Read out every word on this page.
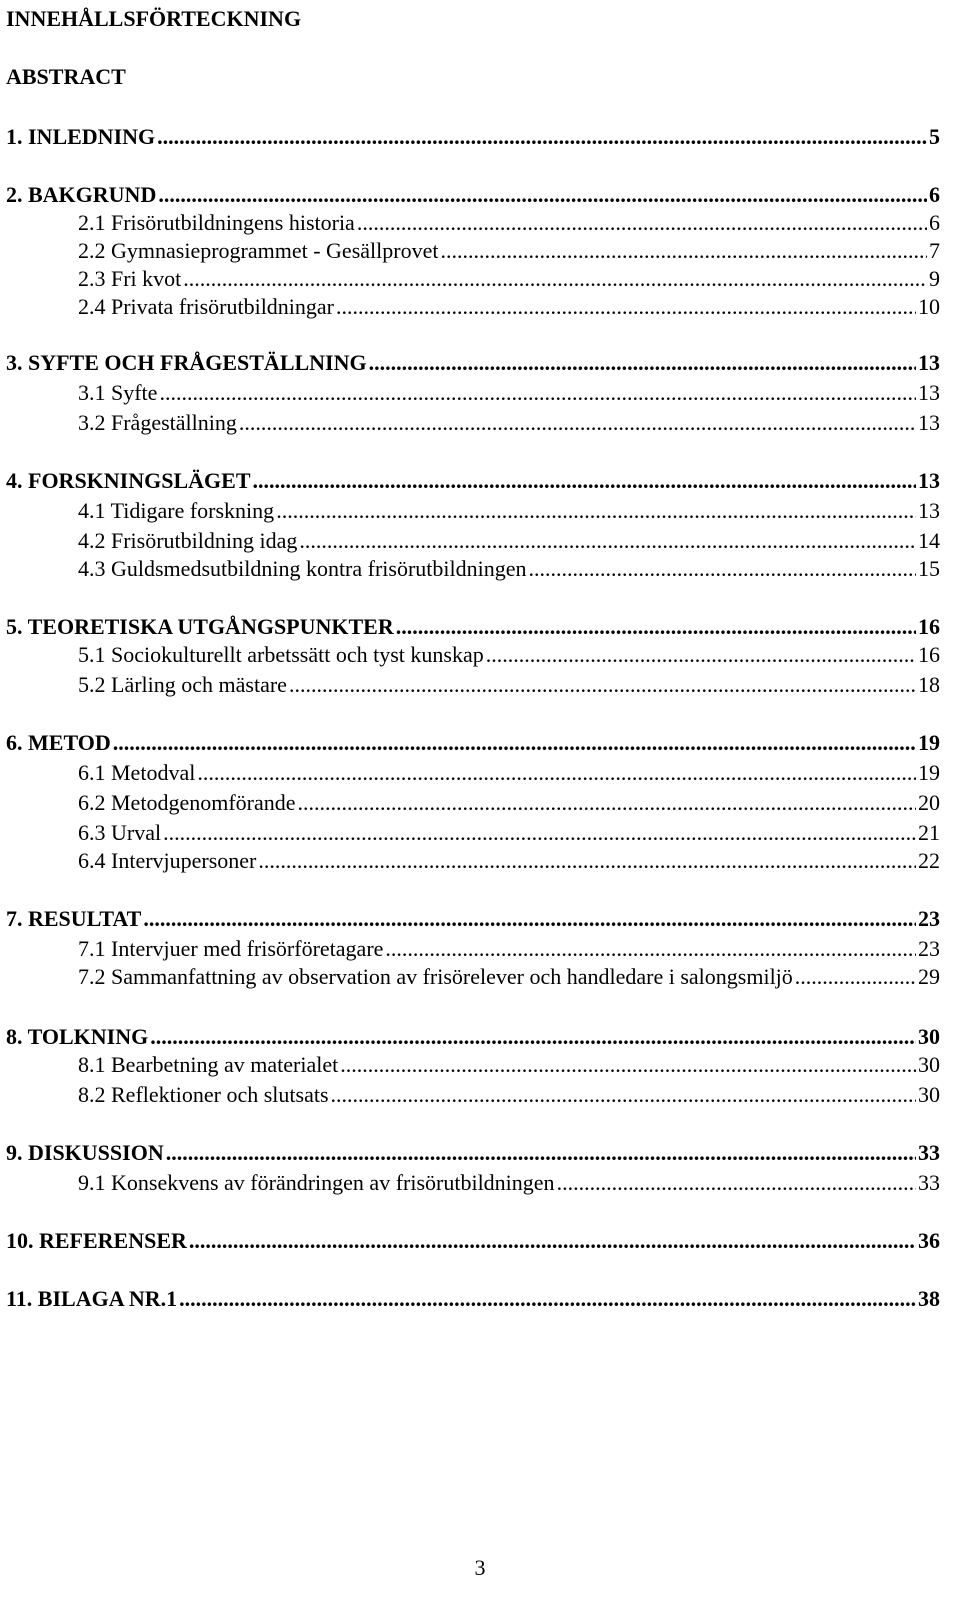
INNEHÅLLSFÖRTECKNING
ABSTRACT
1. INLEDNING .....	5
2. BAKGRUND .....	6
2.1 Frisörutbildningens historia .....	6
2.2 Gymnasieprogrammet - Gesällprovet .....	7
2.3 Fri kvot .....	9
2.4 Privata frisörutbildningar .....	10
3. SYFTE OCH FRÅGESTÄLLNING .....	13
3.1 Syfte .....	13
3.2 Frågeställning .....	13
4. FORSKNINGSLÄGET .....	13
4.1 Tidigare forskning .....	13
4.2 Frisörutbildning idag .....	14
4.3 Guldsmedsutbildning kontra frisörutbildningen .....	15
5. TEORETISKA UTGÅNGSPUNKTER .....	16
5.1 Sociokulturellt arbetssätt och tyst kunskap .....	16
5.2 Lärling och mästare .....	18
6. METOD .....	19
6.1 Metodval .....	19
6.2 Metodgenomförande .....	20
6.3 Urval .....	21
6.4 Intervjupersoner .....	22
7. RESULTAT .....	23
7.1 Intervjuer med frisörföretagare .....	23
7.2 Sammanfattning av observation av frisörelever och handledare i salongsmiljö .....	29
8. TOLKNING .....	30
8.1 Bearbetning av materialet .....	30
8.2 Reflektioner och slutsats .....	30
9. DISKUSSION .....	33
9.1 Konsekvens av förändringen av frisörutbildningen .....	33
10. REFERENSER .....	36
11. BILAGA NR.1 .....	38
3
